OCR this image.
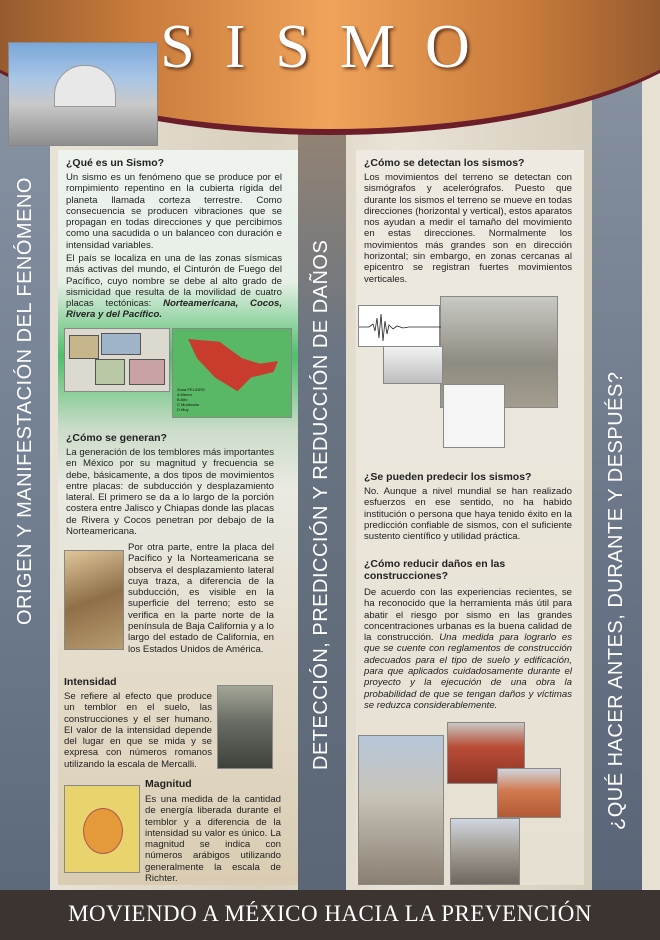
SISMO
ORIGEN Y MANIFESTACIÓN DEL FENÓMENO	DETECCIÓN, PREDICCIÓN Y REDUCCIÓN DE DAÑOS	¿QUÉ HACER ANTES, DURANTE Y DESPUÉS?
¿Qué es un Sismo?
Un sismo es un fenómeno que se produce por el rompimiento repentino en la cubierta rígida del planeta llamada corteza terrestre. Como consecuencia se producen vibraciones que se propagan en todas direcciones y que percibimos como una sacudida o un balanceo con duración e intensidad variables.
El país se localiza en una de las zonas sísmicas más activas del mundo, el Cinturón de Fuego del Pacífico, cuyo nombre se debe al alto grado de sismicidad que resulta de la movilidad de cuatro placas tectónicas: Norteamericana, Cocos, Rivera y del Pacífico.
Zona PELIGRO
A Menor
B Alto
C Moderado
D Muy
¿Cómo se generan?
La generación de los temblores más importantes en México por su magnitud y frecuencia se debe, básicamente, a dos tipos de movimientos entre placas: de subducción y desplazamiento lateral. El primero se da a lo largo de la porción costera entre Jalisco y Chiapas donde las placas de Rivera y Cocos penetran por debajo de la Norteamericana.
Por otra parte, entre la placa del Pacífico y la Norteamericana se observa el desplazamiento lateral cuya traza, a diferencia de la subducción, es visible en la superficie del terreno; esto se verifica en la parte norte de la península de Baja California y a lo largo del estado de California, en los Estados Unidos de América.
Intensidad
Se refiere al efecto que produce un temblor en el suelo, las construcciones y el ser humano. El valor de la intensidad depende del lugar en que se mida y se expresa con números romanos utilizando la escala de Mercalli.
Magnitud
Es una medida de la cantidad de energía liberada durante el temblor y a diferencia de la intensidad su valor es único. La magnitud se indica con números arábigos utilizando generalmente la escala de Richter.
¿Cómo se detectan los sismos?
Los movimientos del terreno se detectan con sismógrafos y acelerógrafos. Puesto que durante los sismos el terreno se mueve en todas direcciones (horizontal y vertical), estos aparatos nos ayudan a medir el tamaño del movimiento en estas direcciones. Normalmente los movimientos más grandes son en dirección horizontal; sin embargo, en zonas cercanas al epicentro se registran fuertes movimientos verticales.
¿Se pueden predecir los sismos?
No. Aunque a nivel mundial se han realizado esfuerzos en ese sentido, no ha habido institución o persona que haya tenido éxito en la predicción confiable de sismos, con el suficiente sustento científico y utilidad práctica.
¿Cómo reducir daños en las construcciones?
De acuerdo con las experiencias recientes, se ha reconocido que la herramienta más útil para abatir el riesgo por sismo en las grandes concentraciones urbanas es la buena calidad de la construcción. Una medida para lograrlo es que se cuente con reglamentos de construcción adecuados para el tipo de suelo y edificación, para que aplicados cuidadosamente durante el proyecto y la ejecución de una obra la probabilidad de que se tengan daños y víctimas se reduzca considerablemente.
MOVIENDO A MÉXICO HACIA LA PREVENCIÓN
